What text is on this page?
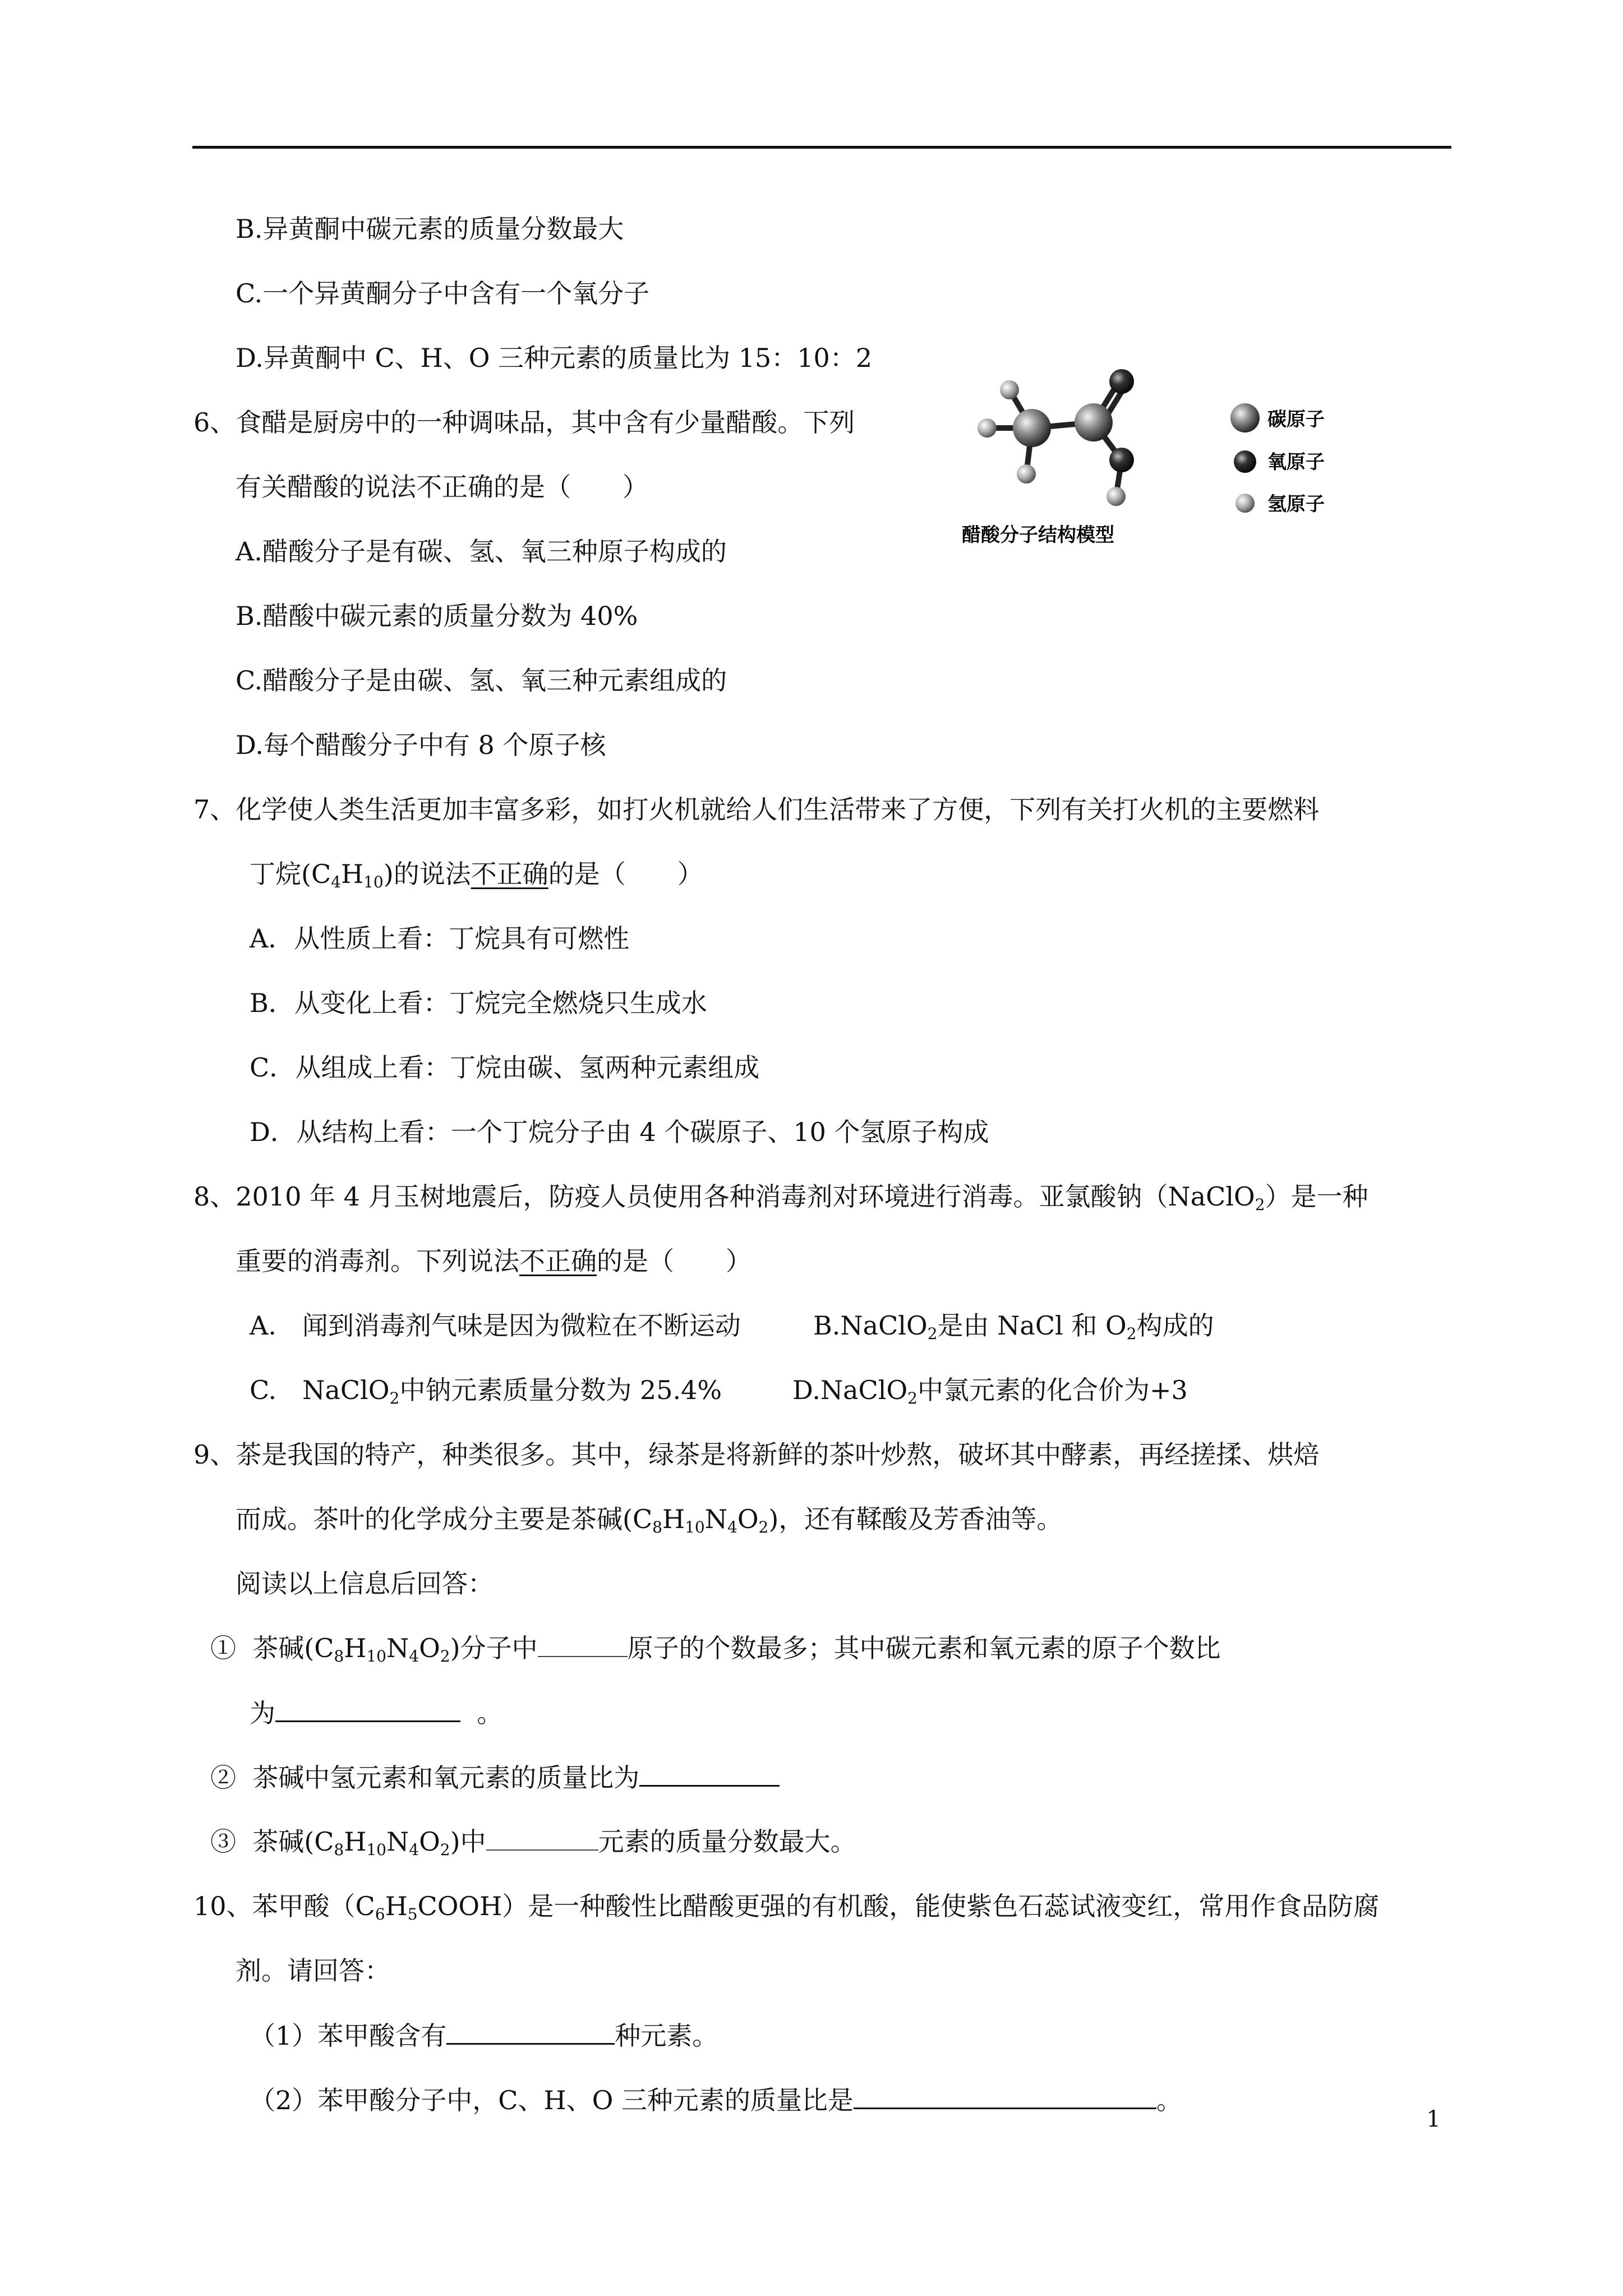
B.异黄酮中碳元素的质量分数最大
C.一个异黄酮分子中含有一个氧分子
D.异黄酮中 C、H、O 三种元素的质量比为 15：10：2
6、食醋是厨房中的一种调味品，其中含有少量醋酸。下列
有关醋酸的说法不正确的是（　　）
A.醋酸分子是有碳、氢、氧三种原子构成的
B.醋酸中碳元素的质量分数为 40%
C.醋酸分子是由碳、氢、氧三种元素组成的
D.每个醋酸分子中有 8 个原子核
碳原子
氧原子
氢原子
醋酸分子结构模型
7、化学使人类生活更加丰富多彩，如打火机就给人们生活带来了方便，下列有关打火机的主要燃料
丁烷$(C_4H_{10})$的说法不正确的是（　　）
A．从性质上看：丁烷具有可燃性
B．从变化上看：丁烷完全燃烧只生成水
C．从组成上看：丁烷由碳、氢两种元素组成
D．从结构上看：一个丁烷分子由 4 个碳原子、10 个氢原子构成
8、2010 年 4 月玉树地震后，防疫人员使用各种消毒剂对环境进行消毒。亚氯酸钠（NaClO$_2$）是一种
重要的消毒剂。下列说法不正确的是（　　）
A.　闻到消毒剂气味是因为微粒在不断运动	B.NaClO$_2$是由 NaCl 和 $O_2$构成的
C.　NaClO$_2$中钠元素质量分数为 25.4%	D.NaClO$_2$中氯元素的化合价为+3
9、茶是我国的特产，种类很多。其中，绿茶是将新鲜的茶叶炒熬，破坏其中酵素，再经搓揉、烘焙
而成。茶叶的化学成分主要是茶碱$(C_8H_{10}N_4O_2)$，还有鞣酸及芳香油等。
阅读以上信息后回答：
① 茶碱$(C_8H_{10}N_4O_2)$分子中	原子的个数最多；其中碳元素和氧元素的原子个数比
为	。
② 茶碱中氢元素和氧元素的质量比为
③ 茶碱$(C_8H_{10}N_4O_2)$中	元素的质量分数最大。
10、苯甲酸$(C_6H_5COOH)$是一种酸性比醋酸更强的有机酸，能使紫色石蕊试液变红，常用作食品防腐
剂。请回答：
（1）苯甲酸含有	种元素。
（2）苯甲酸分子中，C、H、O 三种元素的质量比是	。
1
